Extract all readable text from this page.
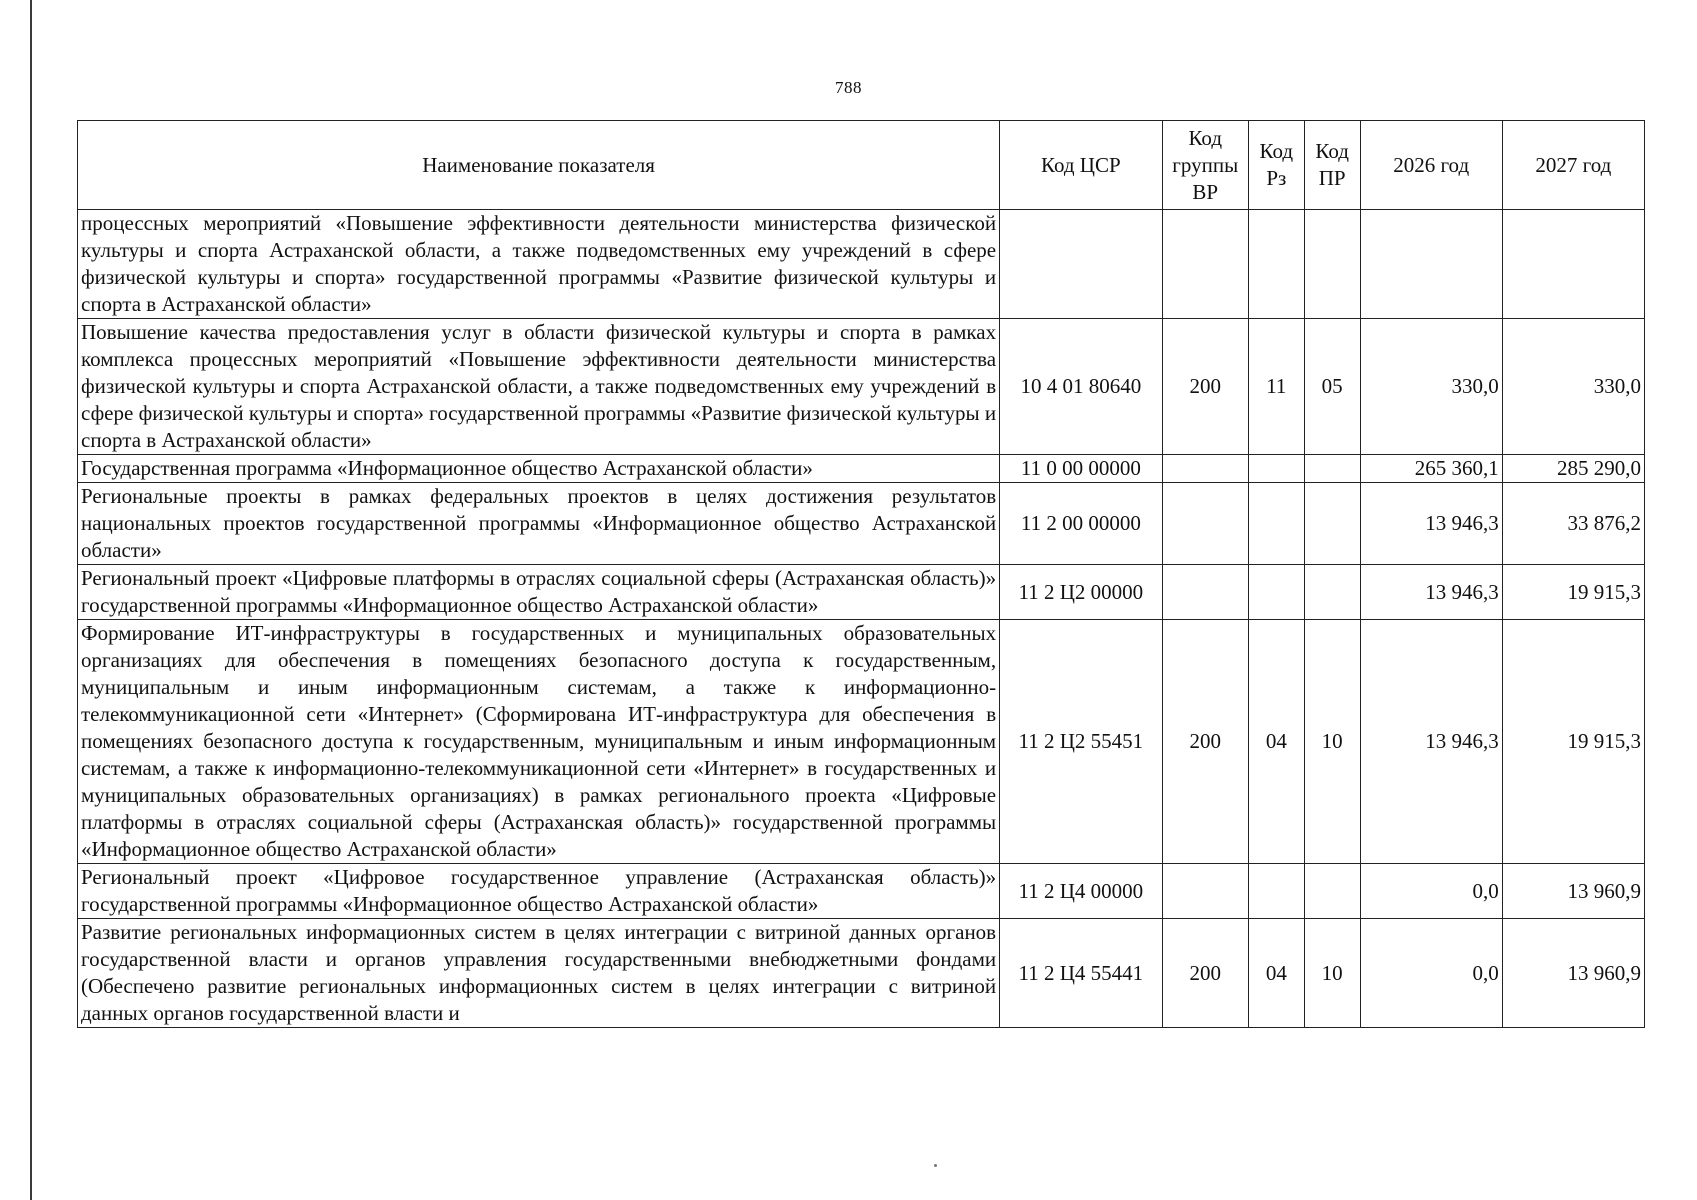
788
Наименование показателя	Код ЦСР	Код группы ВР	Код Рз	Код ПР	2026 год	2027 год
процессных мероприятий «Повышение эффективности деятельности министерства физической культуры и спорта Астраханской области, а также подведомственных ему учреждений в сфере физической культуры и спорта» государственной программы «Развитие физической культуры и спорта в Астраханской области»						
Повышение качества предоставления услуг в области физической культуры и спорта в рамках комплекса процессных мероприятий «Повышение эффективности деятельности министерства физической культуры и спорта Астраханской области, а также подведомственных ему учреждений в сфере физической культуры и спорта» государственной программы «Развитие физической культуры и спорта в Астраханской области»	10 4 01 80640	200	11	05	330,0	330,0
Государственная программа «Информационное общество Астраханской области»	11 0 00 00000				265 360,1	285 290,0
Региональные проекты в рамках федеральных проектов в целях достижения результатов национальных проектов государственной программы «Информационное общество Астраханской области»	11 2 00 00000				13 946,3	33 876,2
Региональный проект «Цифровые платформы в отраслях социальной сферы (Астраханская область)» государственной программы «Информационное общество Астраханской области»	11 2 Ц2 00000				13 946,3	19 915,3
Формирование ИТ-инфраструктуры в государственных и муниципальных образовательных организациях для обеспечения в помещениях безопасного доступа к государственным, муниципальным и иным информационным системам, а также к информационно-телекоммуникационной сети «Интернет» (Сформирована ИТ-инфраструктура для обеспечения в помещениях безопасного доступа к государственным, муниципальным и иным информационным системам, а также к информационно-телекоммуникационной сети «Интернет» в государственных и муниципальных образовательных организациях) в рамках регионального проекта «Цифровые платформы в отраслях социальной сферы (Астраханская область)» государственной программы «Информационное общество Астраханской области»	11 2 Ц2 55451	200	04	10	13 946,3	19 915,3
Региональный проект «Цифровое государственное управление (Астраханская область)» государственной программы «Информационное общество Астраханской области»	11 2 Ц4 00000				0,0	13 960,9
Развитие региональных информационных систем в целях интеграции с витриной данных органов государственной власти и органов управления государственными внебюджетными фондами (Обеспечено развитие региональных информационных систем в целях интеграции с витриной данных органов государственной власти и	11 2 Ц4 55441	200	04	10	0,0	13 960,9
